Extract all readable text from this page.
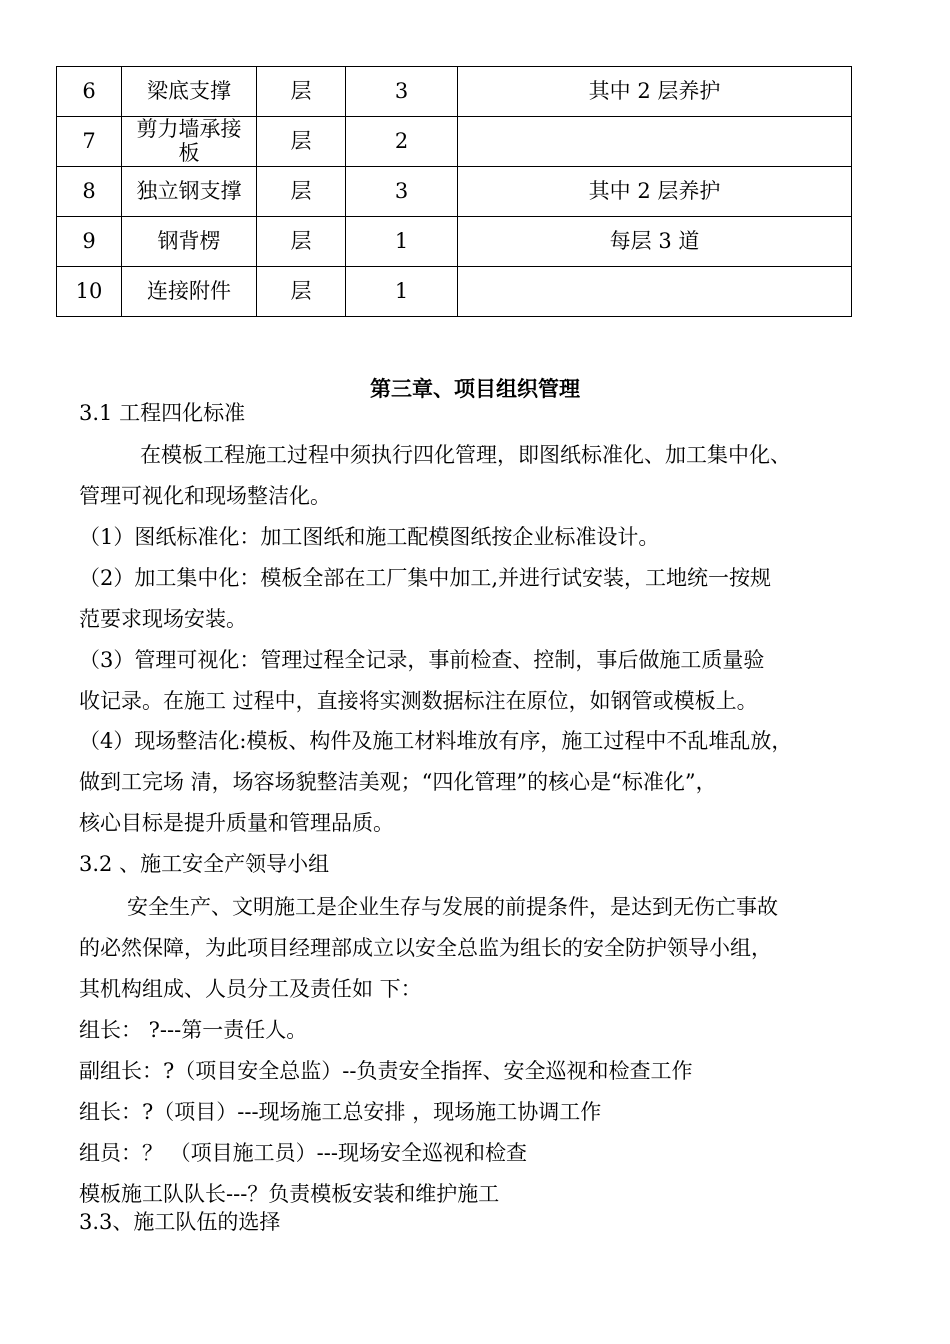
6	梁底支撑	层	3	其中 2 层养护
7	剪力墙承接板	层	2	
8	独立钢支撑	层	3	其中 2 层养护
9	钢背楞	层	1	每层 3 道
10	连接附件	层	1	
第三章、项目组织管理
3.1 工程四化标准
在模板工程施工过程中须执行四化管理，即图纸标准化、加工集中化、
管理可视化和现场整洁化。
（1）图纸标准化：加工图纸和施工配模图纸按企业标准设计。
（2）加工集中化：模板全部在工厂集中加工,并进行试安装，工地统一按规
范要求现场安装。
（3）管理可视化：管理过程全记录，事前检查、控制，事后做施工质量验
收记录。在施工 过程中，直接将实测数据标注在原位，如钢管或模板上。
（4）现场整洁化:模板、构件及施工材料堆放有序，施工过程中不乱堆乱放，
做到工完场 清，场容场貌整洁美观；“四化管理”的核心是“标准化”，
核心目标是提升质量和管理品质。
3.2 、施工安全产领导小组
安全生产、文明施工是企业生存与发展的前提条件，是达到无伤亡事故
的必然保障，为此项目经理部成立以安全总监为组长的安全防护领导小组，
其机构组成、人员分工及责任如 下：
组长： ?---第一责任人。
副组长：?（项目安全总监）--负责安全指挥、安全巡视和检查工作
组长：?（项目）---现场施工总安排 ，现场施工协调工作
组员：？ （项目施工员）---现场安全巡视和检查
模板施工队队长---？负责模板安装和维护施工
3.3、施工队伍的选择
